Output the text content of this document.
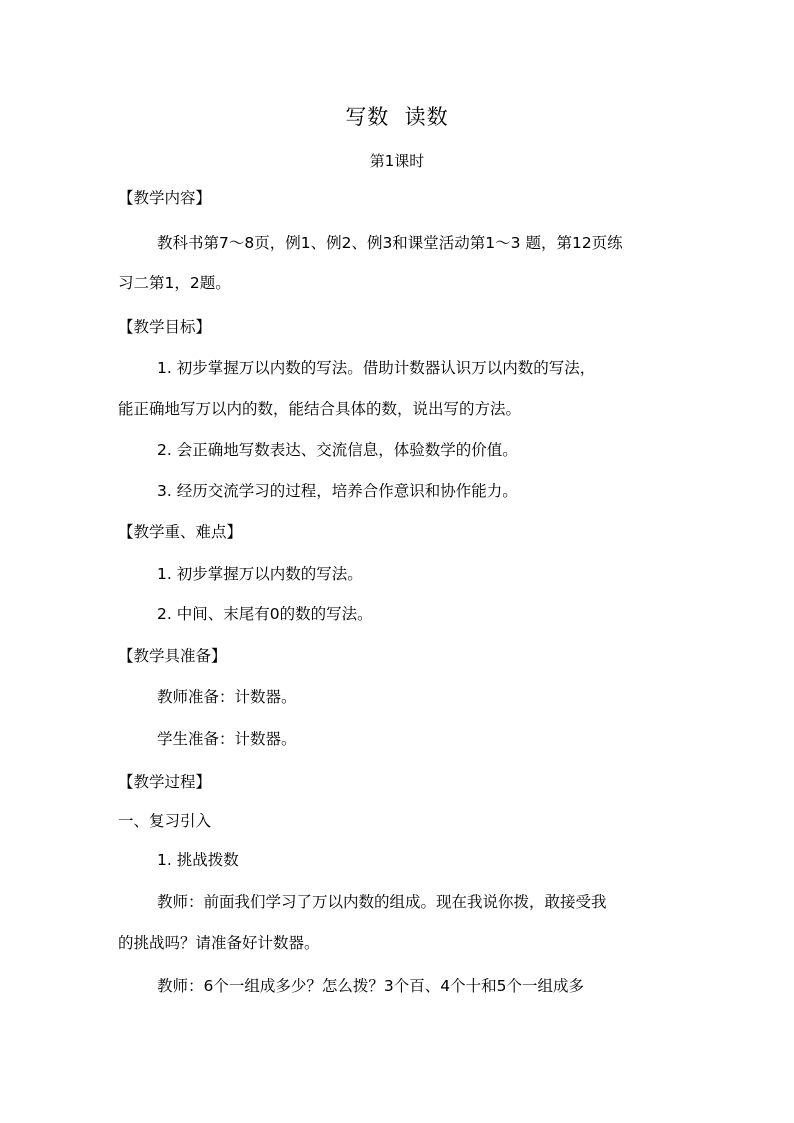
写数  读数
第1课时
【教学内容】
教科书第7～8页，例1、例2、例3和课堂活动第1～3 题，第12页练
习二第1，2题。
【教学目标】
1. 初步掌握万以内数的写法。借助计数器认识万以内数的写法，
能正确地写万以内的数，能结合具体的数，说出写的方法。
2. 会正确地写数表达、交流信息，体验数学的价值。
3. 经历交流学习的过程，培养合作意识和协作能力。
【教学重、难点】
1. 初步掌握万以内数的写法。
2. 中间、末尾有0的数的写法。
【教学具准备】
教师准备：计数器。
学生准备：计数器。
【教学过程】
一、复习引入
1. 挑战拨数
教师：前面我们学习了万以内数的组成。现在我说你拨，敢接受我
的挑战吗？请准备好计数器。
教师：6个一组成多少？怎么拨？3个百、4个十和5个一组成多
